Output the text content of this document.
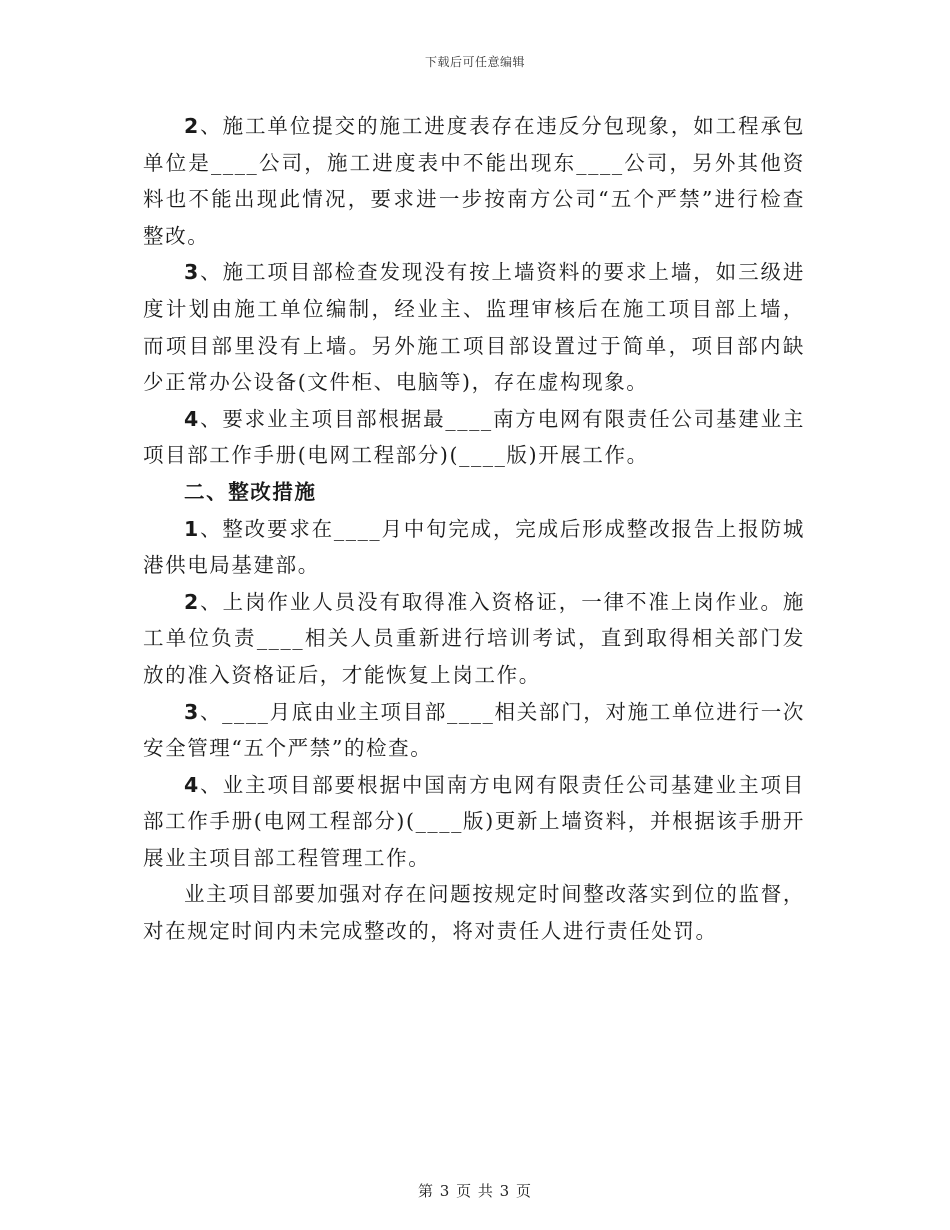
下载后可任意编辑

2、施工单位提交的施工进度表存在违反分包现象，如工程承包单位是____公司，施工进度表中不能出现东____公司，另外其他资料也不能出现此情况，要求进一步按南方公司“五个严禁”进行检查整改。

3、施工项目部检查发现没有按上墙资料的要求上墙，如三级进度计划由施工单位编制，经业主、监理审核后在施工项目部上墙，而项目部里没有上墙。另外施工项目部设置过于简单，项目部内缺少正常办公设备(文件柜、电脑等)，存在虚构现象。

4、要求业主项目部根据最____南方电网有限责任公司基建业主项目部工作手册(电网工程部分)(____版)开展工作。

二、整改措施

1、整改要求在____月中旬完成，完成后形成整改报告上报防城港供电局基建部。

2、上岗作业人员没有取得准入资格证，一律不准上岗作业。施工单位负责____相关人员重新进行培训考试，直到取得相关部门发放的准入资格证后，才能恢复上岗工作。

3、____月底由业主项目部____相关部门，对施工单位进行一次安全管理“五个严禁”的检查。

4、业主项目部要根据中国南方电网有限责任公司基建业主项目部工作手册(电网工程部分)(____版)更新上墙资料，并根据该手册开展业主项目部工程管理工作。

业主项目部要加强对存在问题按规定时间整改落实到位的监督，对在规定时间内未完成整改的，将对责任人进行责任处罚。

第 3 页 共 3 页
